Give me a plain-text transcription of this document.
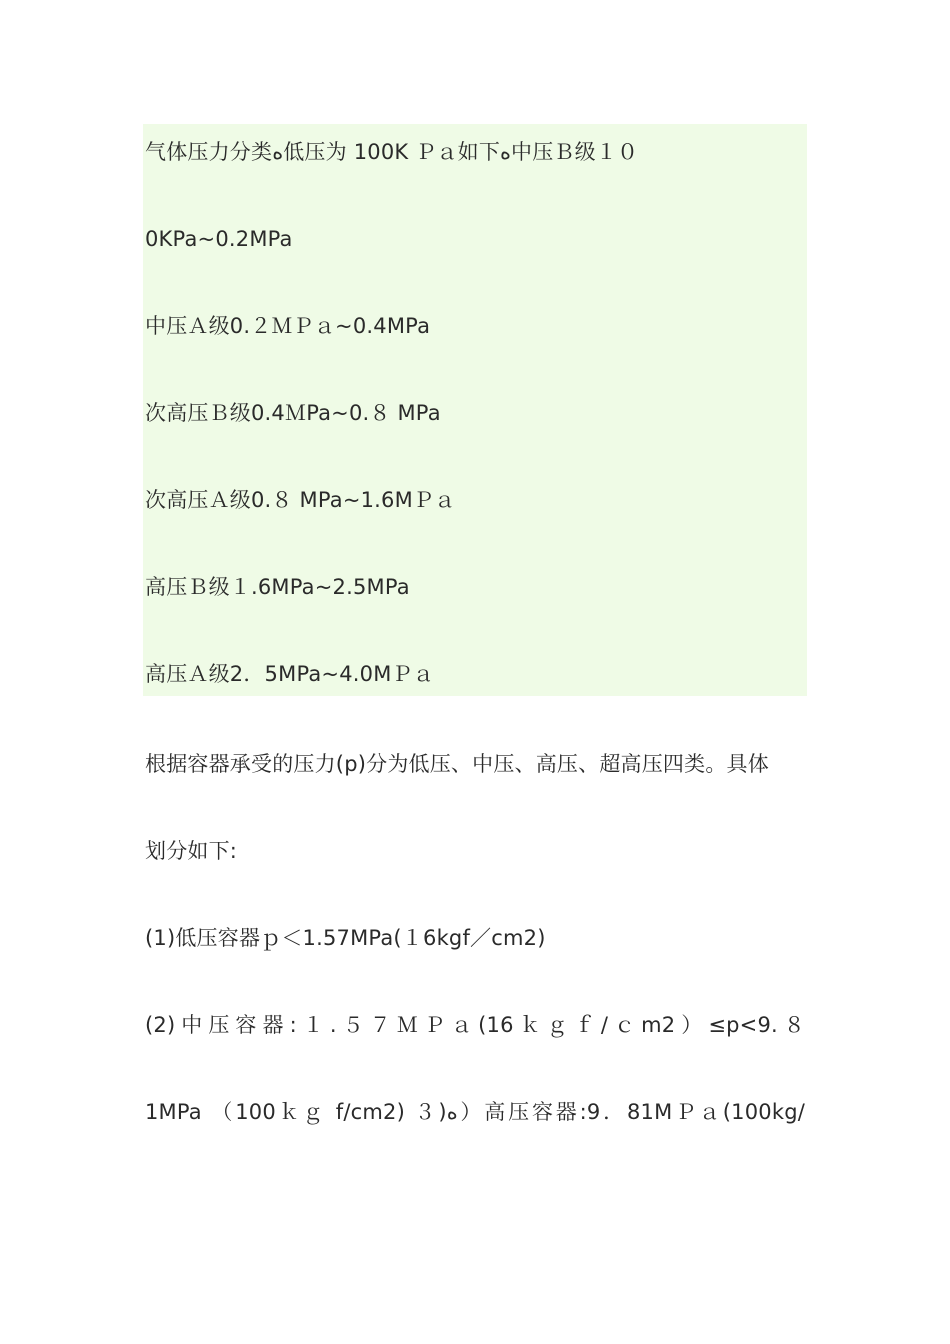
气体压力分类ﻩ低压为 100K Ｐａ如下ﻩ中压Ｂ级１０
0KPa~0.2MPa
中压Ａ级0.２ＭＰａ~0.4MPa
次高压Ｂ级0.4ＭPa~0.８ MPa
次高压Ａ级0.８ MPa~1.6MＰａ
高压Ｂ级１.6MPa~2.5MPa
高压Ａ级2．5MPa~4.0MＰａ
根据容器承受的压力(p)分为低压、中压、高压、超高压四类。具体
划分如下:
(1)低压容器ｐ＜1.57MPa(１6kgf／cm2)
(2)中压容器:１.５７ＭＰａ(16ｋｇｆ/ｃm2）≤p<9.８
1MPa （100ｋｇ f/cm2) ３)ﻩ）高压容器:9．81MＰａ(100kg/
